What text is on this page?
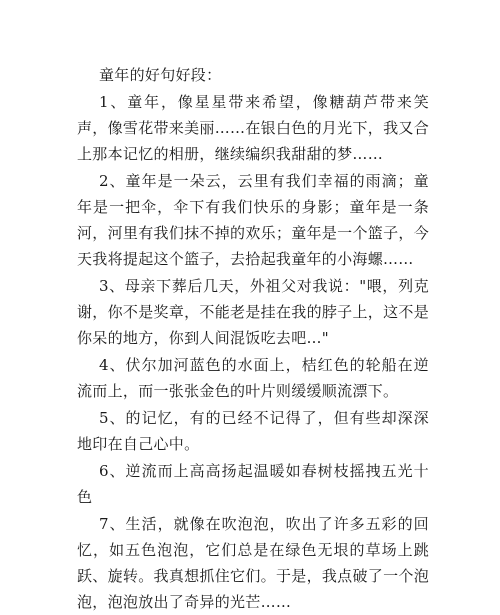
童年的好句好段：

1、童年，像星星带来希望，像糖葫芦带来笑声，像雪花带来美丽……在银白色的月光下，我又合上那本记忆的相册，继续编织我甜甜的梦……

2、童年是一朵云，云里有我们幸福的雨滴；童年是一把伞，伞下有我们快乐的身影；童年是一条河，河里有我们抹不掉的欢乐；童年是一个篮子，今天我将提起这个篮子，去拾起我童年的小海螺……

3、母亲下葬后几天，外祖父对我说："喂，列克谢，你不是奖章，不能老是挂在我的脖子上，这不是你呆的地方，你到人间混饭吃去吧…"

4、伏尔加河蓝色的水面上，桔红色的轮船在逆流而上，而一张张金色的叶片则缓缓顺流漂下。

5、的记忆，有的已经不记得了，但有些却深深地印在自己心中。

6、逆流而上高高扬起温暖如春树枝摇拽五光十色

7、生活，就像在吹泡泡，吹出了许多五彩的回忆，如五色泡泡，它们总是在绿色无垠的草场上跳跃、旋转。我真想抓住它们。于是，我点破了一个泡泡，泡泡放出了奇异的光芒……
